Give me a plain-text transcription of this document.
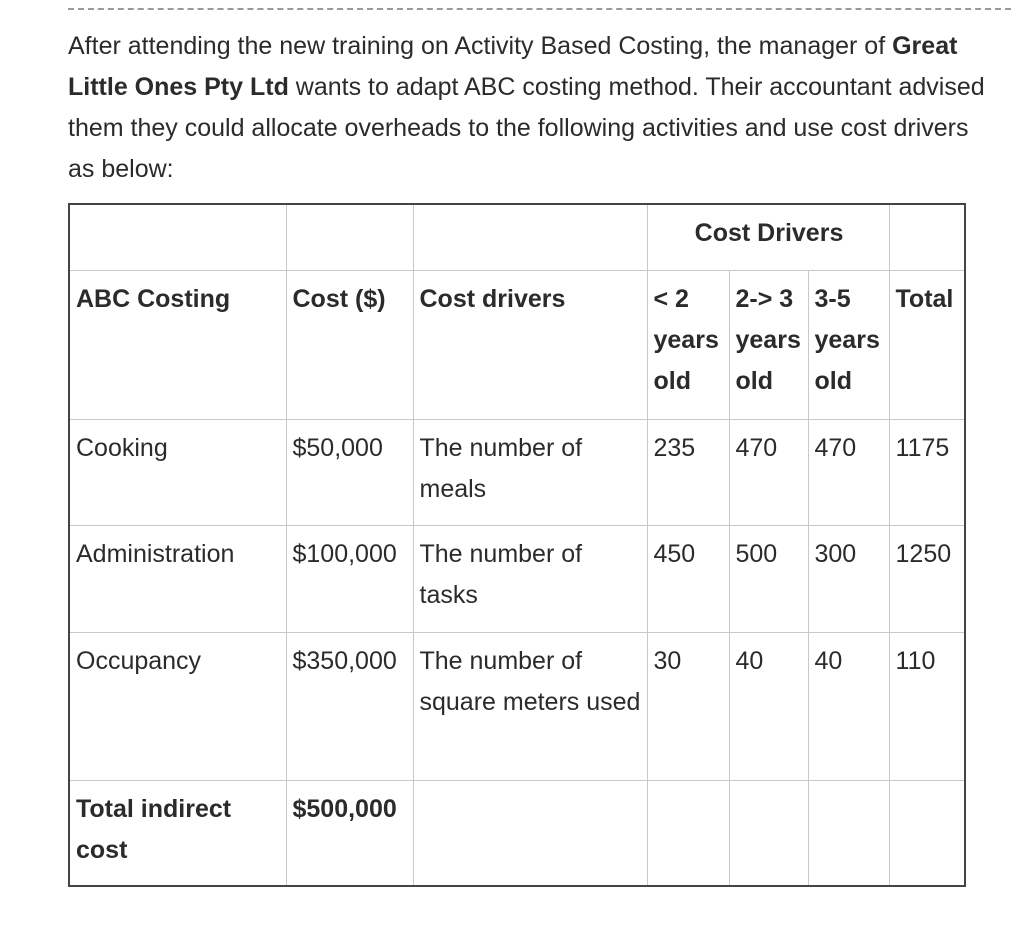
After attending the new training on Activity Based Costing, the manager of Great Little Ones Pty Ltd wants to adapt ABC costing method. Their accountant advised them they could allocate overheads to the following activities and use cost drivers as below:

			Cost Drivers			
ABC Costing	Cost ($)	Cost drivers	< 2 years old	2-> 3 years old	3-5 years old	Total
Cooking	$50,000	The number of meals	235	470	470	1175
Administration	$100,000	The number of tasks	450	500	300	1250
Occupancy	$350,000	The number of square meters used	30	40	40	110
Total indirect cost	$500,000					
